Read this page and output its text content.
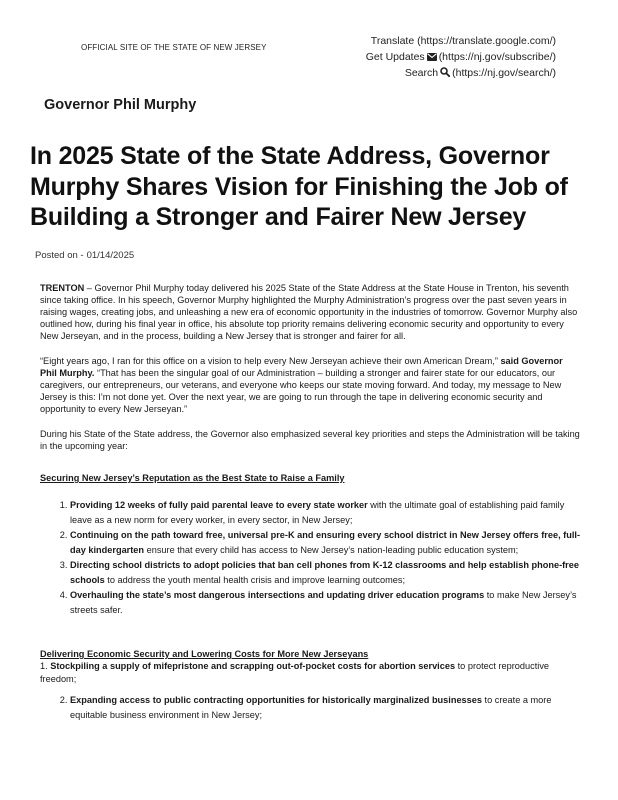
OFFICIAL SITE OF THE STATE OF NEW JERSEY
Translate (https://translate.google.com/)
Get Updates (https://nj.gov/subscribe/)
Search (https://nj.gov/search/)
Governor Phil Murphy
In 2025 State of the State Address, Governor Murphy Shares Vision for Finishing the Job of Building a Stronger and Fairer New Jersey
Posted on - 01/14/2025

TRENTON – Governor Phil Murphy today delivered his 2025 State of the State Address at the State House in Trenton, his seventh since taking office. In his speech, Governor Murphy highlighted the Murphy Administration’s progress over the past seven years in raising wages, creating jobs, and unleashing a new era of economic opportunity in the industries of tomorrow. Governor Murphy also outlined how, during his final year in office, his absolute top priority remains delivering economic security and opportunity to every New Jerseyan, and in the process, building a New Jersey that is stronger and fairer for all.

“Eight years ago, I ran for this office on a vision to help every New Jerseyan achieve their own American Dream,” said Governor Phil Murphy. “That has been the singular goal of our Administration – building a stronger and fairer state for our educators, our caregivers, our entrepreneurs, our veterans, and everyone who keeps our state moving forward. And today, my message to New Jersey is this: I’m not done yet. Over the next year, we are going to run through the tape in delivering economic security and opportunity to every New Jerseyan.”

During his State of the State address, the Governor also emphasized several key priorities and steps the Administration will be taking in the upcoming year:

Securing New Jersey’s Reputation as the Best State to Raise a Family
1. Providing 12 weeks of fully paid parental leave to every state worker with the ultimate goal of establishing paid family leave as a new norm for every worker, in every sector, in New Jersey;
2. Continuing on the path toward free, universal pre-K and ensuring every school district in New Jersey offers free, full-day kindergarten ensure that every child has access to New Jersey’s nation-leading public education system;
3. Directing school districts to adopt policies that ban cell phones from K-12 classrooms and help establish phone-free schools to address the youth mental health crisis and improve learning outcomes;
4. Overhauling the state’s most dangerous intersections and updating driver education programs to make New Jersey’s streets safer.
Delivering Economic Security and Lowering Costs for More New Jerseyans
1. Stockpiling a supply of mifepristone and scrapping out-of-pocket costs for abortion services to protect reproductive freedom;
2. Expanding access to public contracting opportunities for historically marginalized businesses to create a more equitable business environment in New Jersey;
